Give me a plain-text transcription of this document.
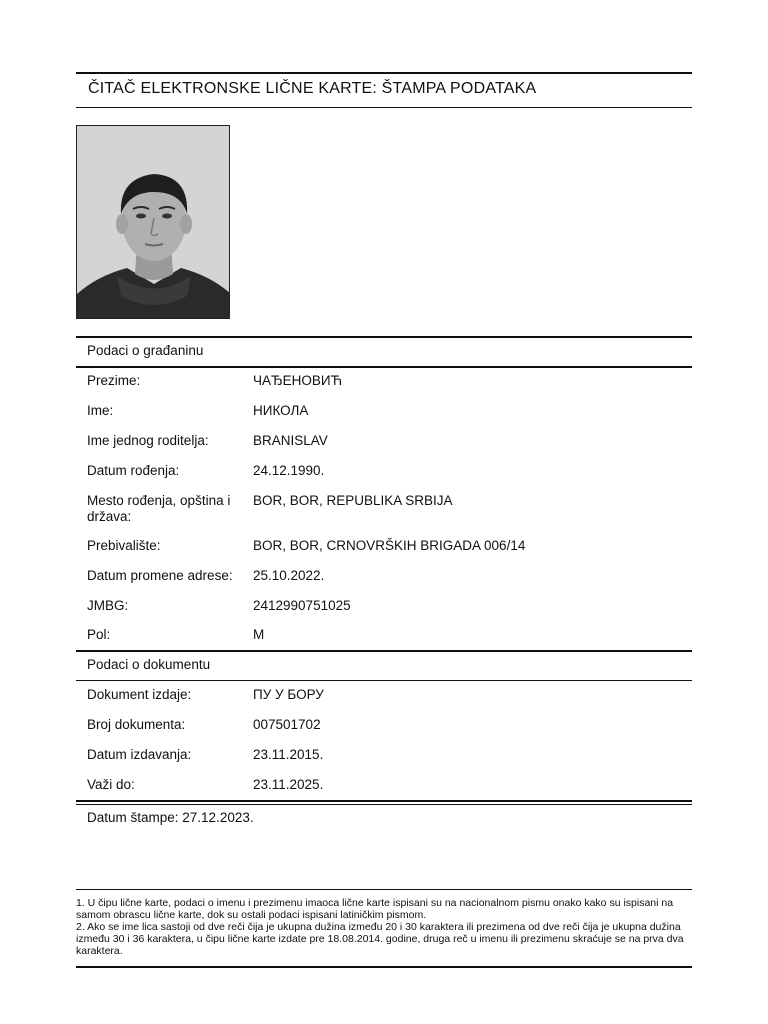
ČITAČ ELEKTRONSKE LIČNE KARTE: ŠTAMPA PODATAKA
Podaci o građaninu
Prezime:	ЧАЂЕНОВИЋ
Ime:	НИКОЛА
Ime jednog roditelja:	BRANISLAV
Datum rođenja:	24.12.1990.
Mesto rođenja, opština i država:
BOR, BOR, REPUBLIKA SRBIJA
Prebivalište:	BOR, BOR, CRNOVRŠKIH BRIGADA 006/14
Datum promene adrese:	25.10.2022.
JMBG:	2412990751025
Pol:	M
Podaci o dokumentu
Dokument izdaje:	ПУ У БОРУ
Broj dokumenta:	007501702
Datum izdavanja:	23.11.2015.
Važi do:	23.11.2025.
Datum štampe: 27.12.2023.

1. U čipu lične karte, podaci o imenu i prezimenu imaoca lične karte ispisani su na nacionalnom pismu onako kako su ispisani na samom obrascu lične karte, dok su ostali podaci ispisani latiničkim pismom.

2. Ako se ime lica sastoji od dve reči čija je ukupna dužina između 20 i 30 karaktera ili prezimena od dve reči čija je ukupna dužina između 30 i 36 karaktera, u čipu lične karte izdate pre 18.08.2014. godine, druga reč u imenu ili prezimenu skraćuje se na prva dva karaktera.
